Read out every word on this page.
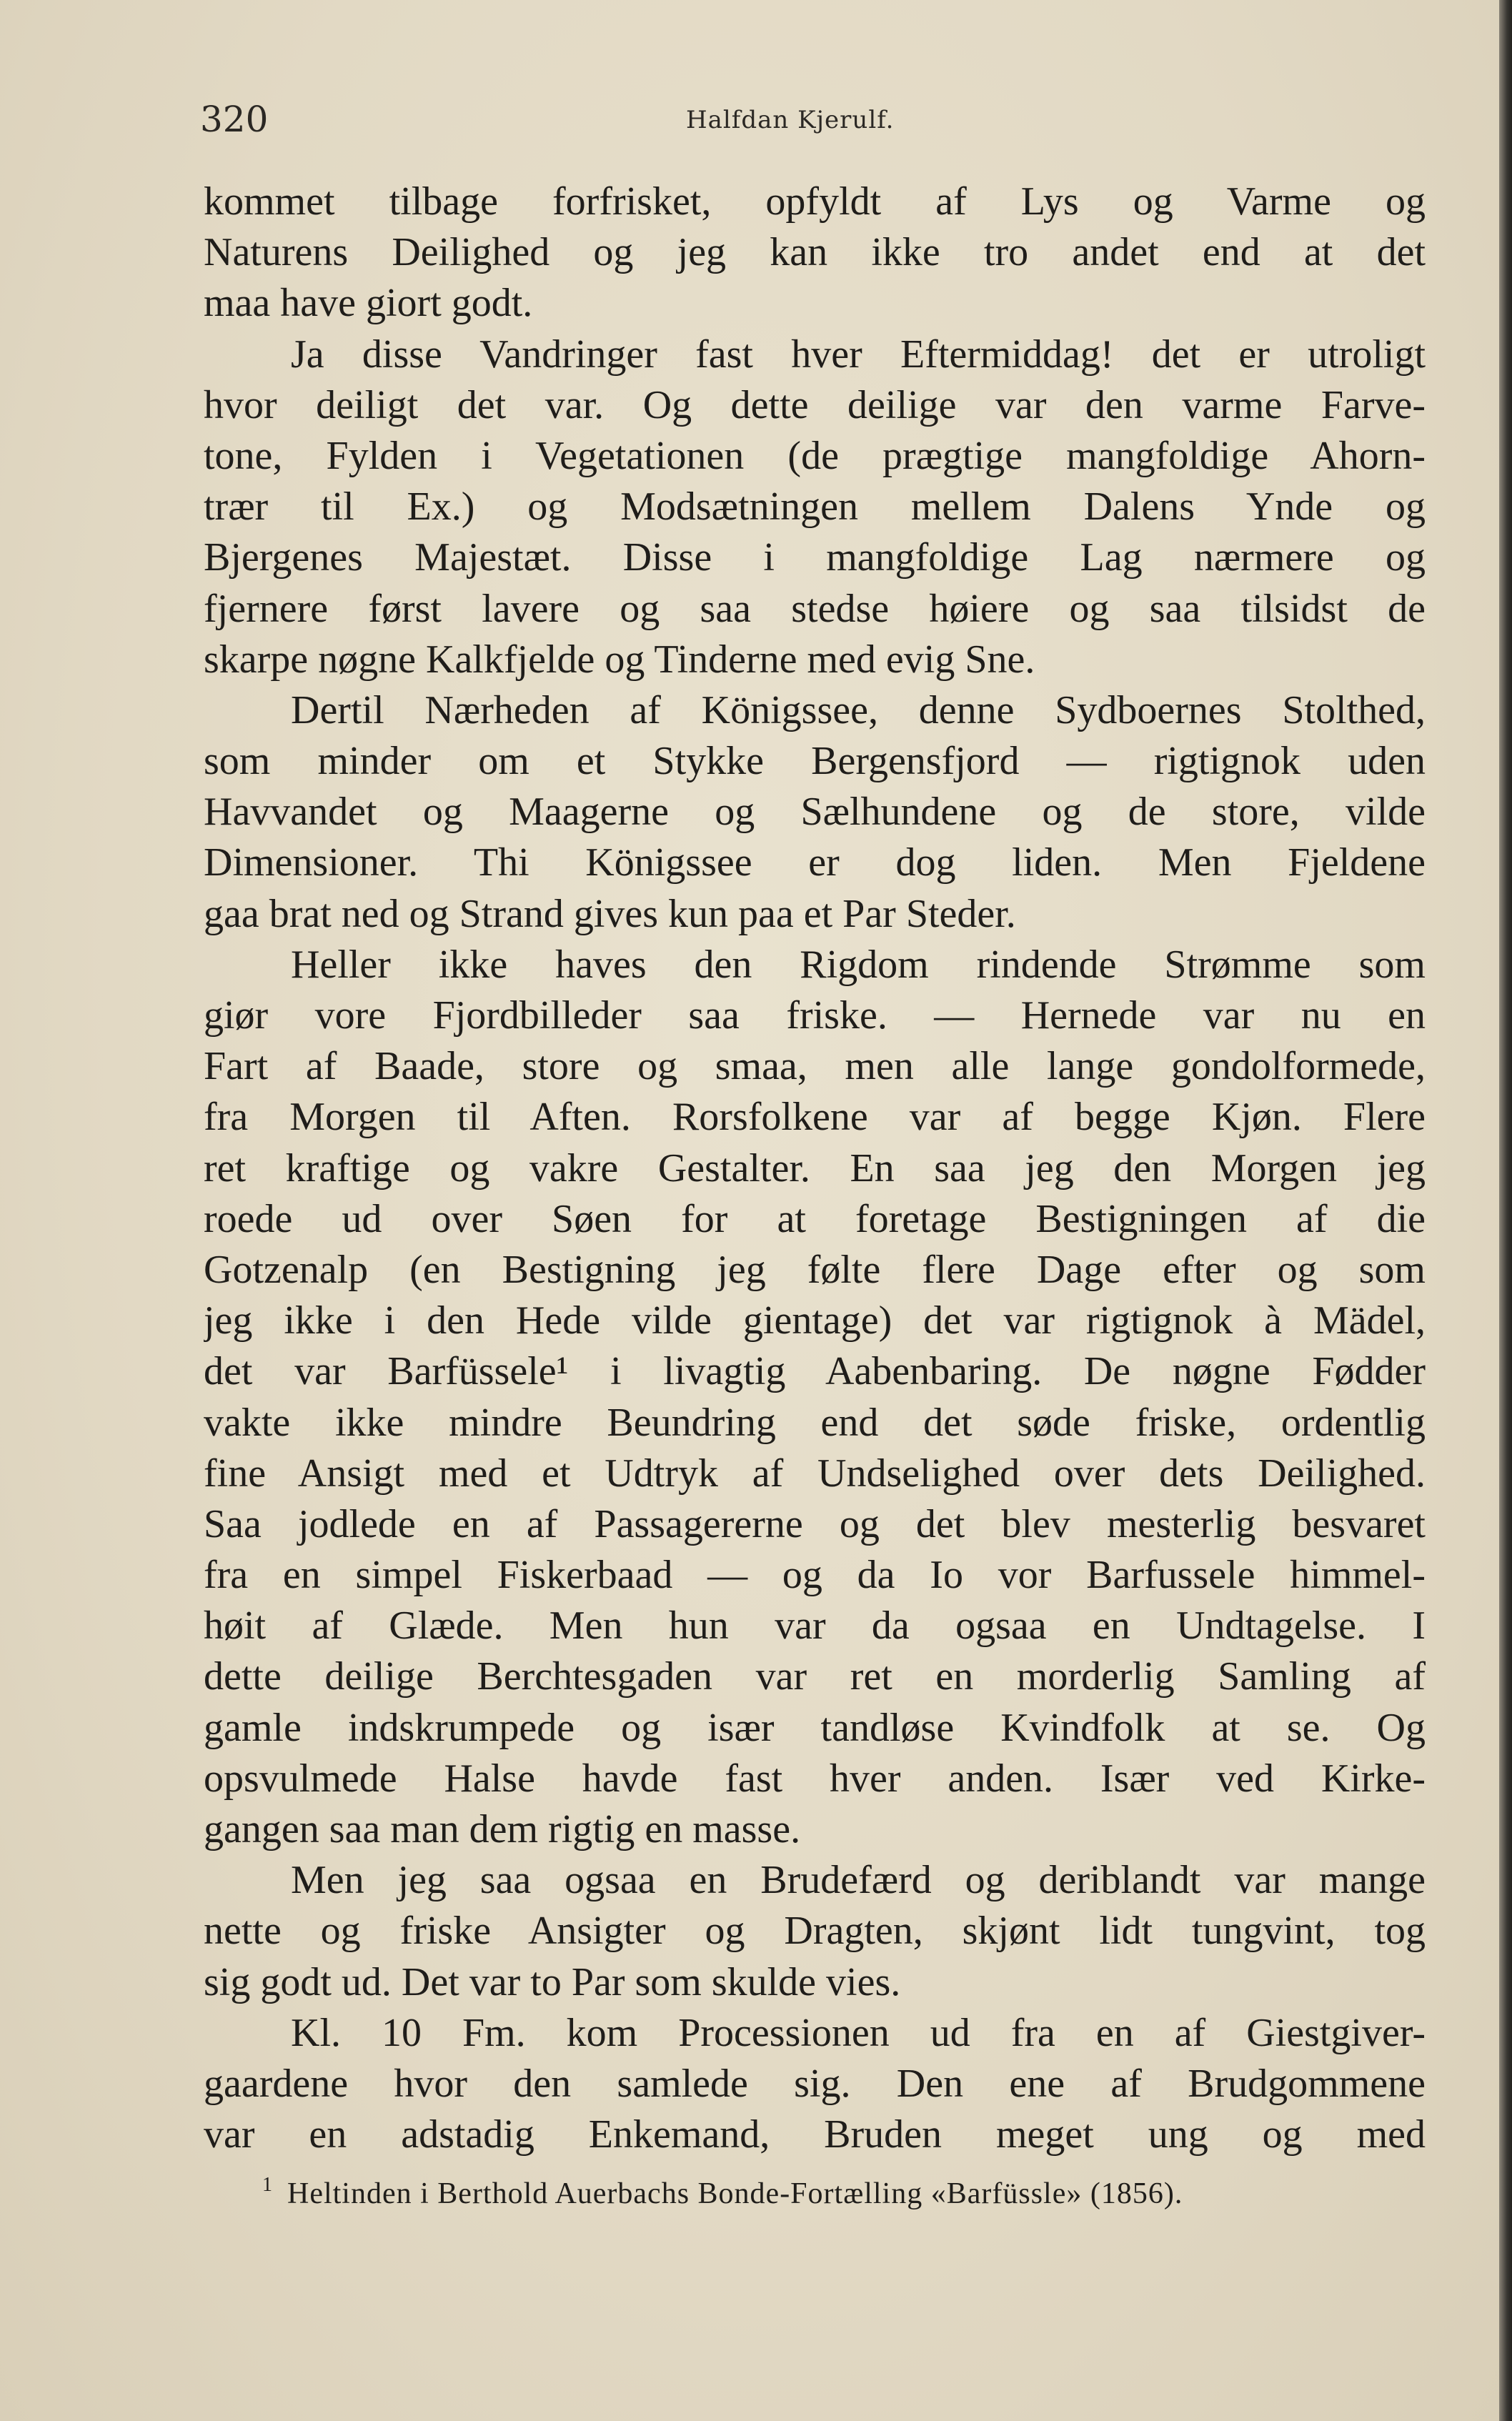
320	Halfdan Kjerulf.
kommet tilbage forfrisket, opfyldt af Lys og Varme og
Naturens Deilighed og jeg kan ikke tro andet end at det
maa have giort godt.
Ja disse Vandringer fast hver Eftermiddag! det er utroligt
hvor deiligt det var. Og dette deilige var den varme Farve-
tone, Fylden i Vegetationen (de prægtige mangfoldige Ahorn-
trær til Ex.) og Modsætningen mellem Dalens Ynde og
Bjergenes Majestæt. Disse i mangfoldige Lag nærmere og
fjernere først lavere og saa stedse høiere og saa tilsidst de
skarpe nøgne Kalkfjelde og Tinderne med evig Sne.
Dertil Nærheden af Königssee, denne Sydboernes Stolthed,
som minder om et Stykke Bergensfjord — rigtignok uden
Havvandet og Maagerne og Sælhundene og de store, vilde
Dimensioner. Thi Königssee er dog liden. Men Fjeldene
gaa brat ned og Strand gives kun paa et Par Steder.
Heller ikke haves den Rigdom rindende Strømme som
giør vore Fjordbilleder saa friske. — Hernede var nu en
Fart af Baade, store og smaa, men alle lange gondolformede,
fra Morgen til Aften. Rorsfolkene var af begge Kjøn. Flere
ret kraftige og vakre Gestalter. En saa jeg den Morgen jeg
roede ud over Søen for at foretage Bestigningen af die
Gotzenalp (en Bestigning jeg følte flere Dage efter og som
jeg ikke i den Hede vilde gientage) det var rigtignok à Mädel,
det var Barfüssele¹ i livagtig Aabenbaring. De nøgne Fødder
vakte ikke mindre Beundring end det søde friske, ordentlig
fine Ansigt med et Udtryk af Undselighed over dets Deilighed.
Saa jodlede en af Passagererne og det blev mesterlig besvaret
fra en simpel Fiskerbaad — og da Io vor Barfussele himmel-
høit af Glæde. Men hun var da ogsaa en Undtagelse. I
dette deilige Berchtesgaden var ret en morderlig Samling af
gamle indskrumpede og især tandløse Kvindfolk at se. Og
opsvulmede Halse havde fast hver anden. Især ved Kirke-
gangen saa man dem rigtig en masse.
Men jeg saa ogsaa en Brudefærd og deriblandt var mange
nette og friske Ansigter og Dragten, skjønt lidt tungvint, tog
sig godt ud. Det var to Par som skulde vies.
Kl. 10 Fm. kom Processionen ud fra en af Giestgiver-
gaardene hvor den samlede sig. Den ene af Brudgommene
var en adstadig Enkemand, Bruden meget ung og med
1 Heltinden i Berthold Auerbachs Bonde-Fortælling «Barfüssle» (1856).
